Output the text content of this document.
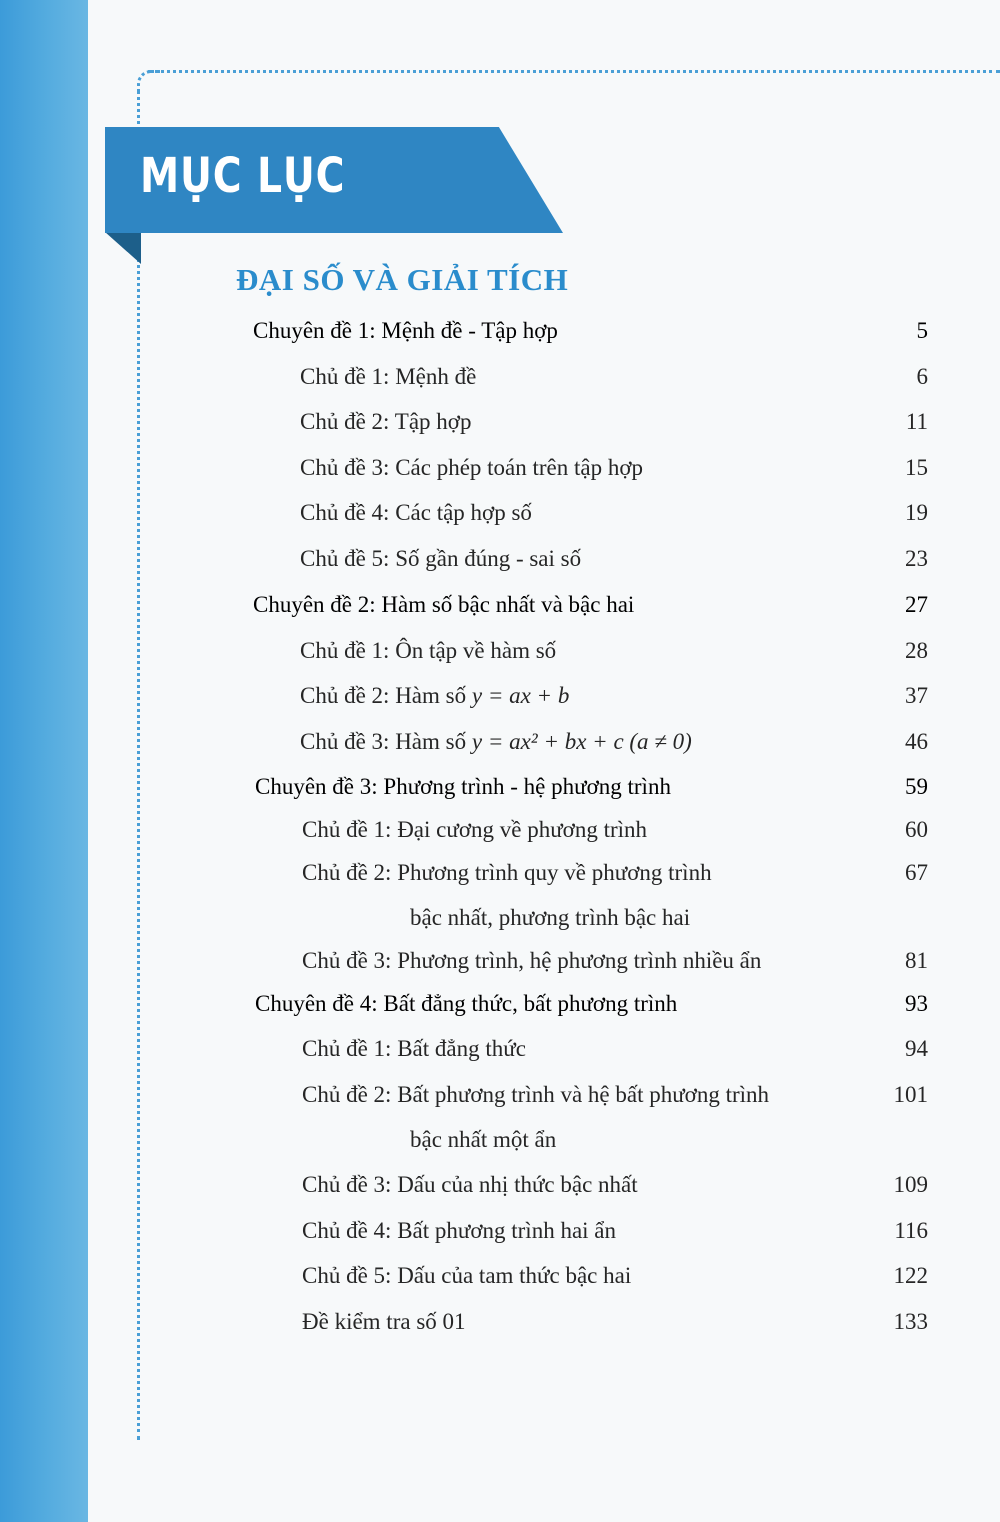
MỤC LỤC
ĐẠI SỐ VÀ GIẢI TÍCH
Chuyên đề 1: Mệnh đề - Tập hợp	5
Chủ đề 1: Mệnh đề	6
Chủ đề 2: Tập hợp	11
Chủ đề 3: Các phép toán trên tập hợp	15
Chủ đề 4: Các tập hợp số	19
Chủ đề 5: Số gần đúng - sai số	23
Chuyên đề 2: Hàm số bậc nhất và bậc hai	27
Chủ đề 1: Ôn tập về hàm số	28
Chủ đề 2: Hàm số y = ax + b	37
Chủ đề 3: Hàm số y = ax² + bx + c (a ≠ 0)	46
Chuyên đề 3: Phương trình - hệ phương trình	59
Chủ đề 1: Đại cương về phương trình	60
Chủ đề 2: Phương trình quy về phương trình	67
bậc nhất, phương trình bậc hai
Chủ đề 3: Phương trình, hệ phương trình nhiều ẩn	81
Chuyên đề 4: Bất đẳng thức, bất phương trình	93
Chủ đề 1: Bất đẳng thức	94
Chủ đề 2: Bất phương trình và hệ bất phương trình	101
bậc nhất một ẩn
Chủ đề 3: Dấu của nhị thức bậc nhất	109
Chủ đề 4: Bất phương trình hai ẩn	116
Chủ đề 5: Dấu của tam thức bậc hai	122
Đề kiểm tra số 01	133
